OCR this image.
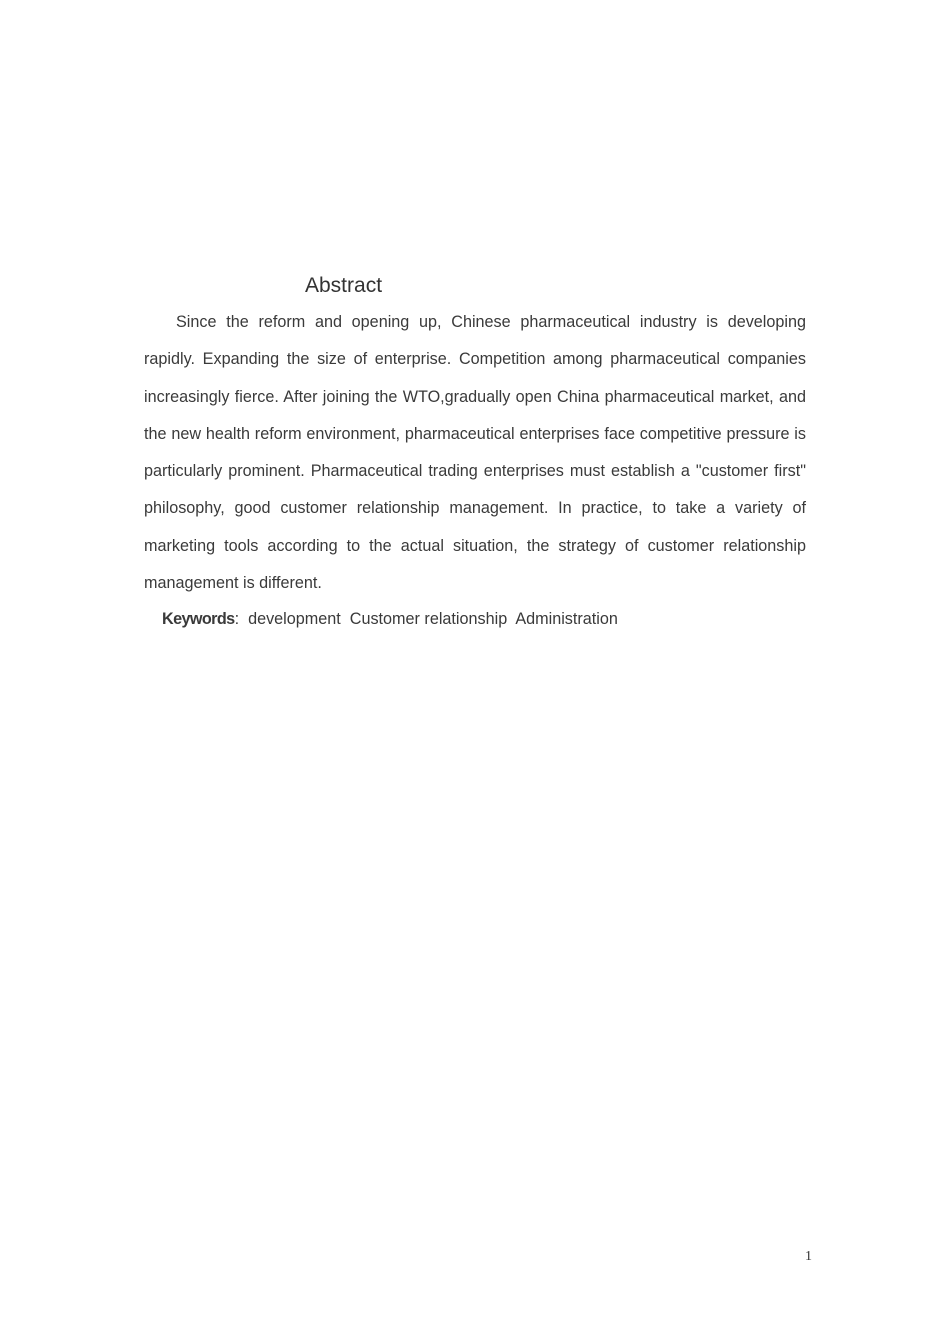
Abstract

Since the reform and opening up, Chinese pharmaceutical industry is developing rapidly. Expanding the size of enterprise. Competition among pharmaceutical companies increasingly fierce. After joining the WTO,gradually open China pharmaceutical market, and the new health reform environment, pharmaceutical enterprises face competitive pressure is particularly prominent. Pharmaceutical trading enterprises must establish a "customer first" philosophy, good customer relationship management. In practice, to take a variety of marketing tools according to the actual situation, the strategy of customer relationship management is different.

Keywords:  development  Customer relationship  Administration

1
